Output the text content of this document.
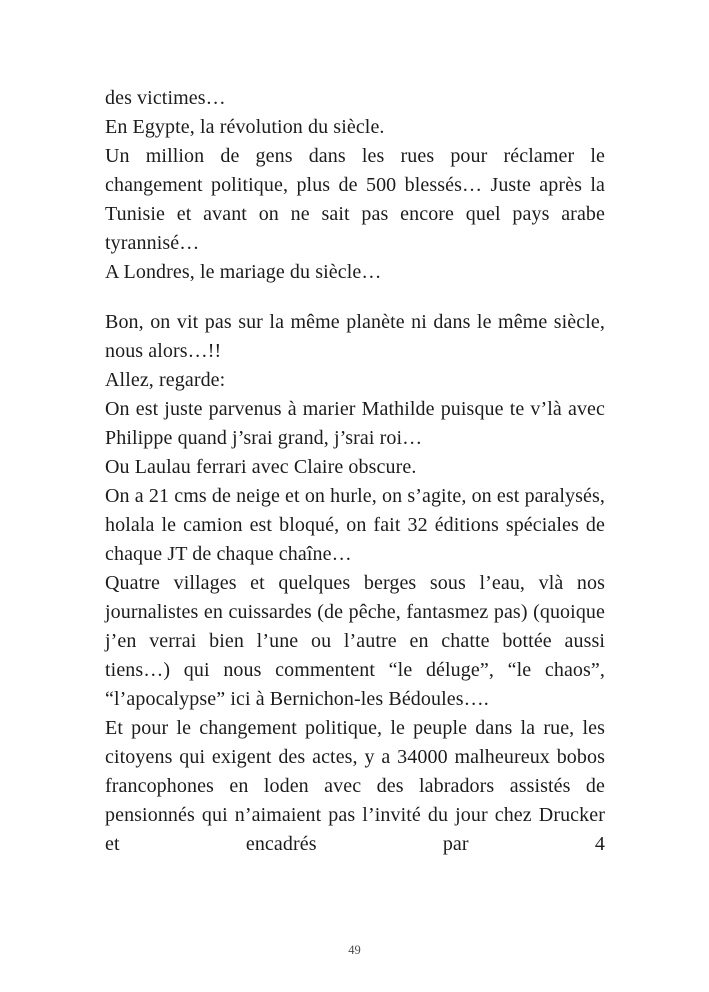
des victimes…

En Egypte, la révolution du siècle.

Un million de gens dans les rues pour réclamer le changement politique, plus de 500 blessés… Juste après la Tunisie et avant on ne sait pas encore quel pays arabe tyrannisé…

A Londres, le mariage du siècle…

Bon, on vit pas sur la même planète ni dans le même siècle, nous alors…!!

Allez, regarde:

On est juste parvenus à marier Mathilde puisque te v’là avec Philippe quand j’srai grand, j’srai roi…

Ou Laulau ferrari avec Claire obscure.

On a 21 cms de neige et on hurle, on s’agite, on est paralysés, holala le camion est bloqué, on fait 32 éditions spéciales de chaque JT de chaque chaîne…

Quatre villages et quelques berges sous l’eau, vlà nos journalistes en cuissardes (de pêche, fantasmez pas) (quoique j’en verrai bien l’une ou l’autre en chatte bottée aussi tiens…) qui nous commentent “le déluge”, “le chaos”, “l’apocalypse” ici à Bernichon-les Bédoules….

Et pour le changement politique, le peuple dans la rue, les citoyens qui exigent des actes, y a 34000 malheureux bobos francophones en loden avec des labradors assistés de pensionnés qui n’aimaient pas l’invité du jour chez Drucker et encadrés par 4

49
